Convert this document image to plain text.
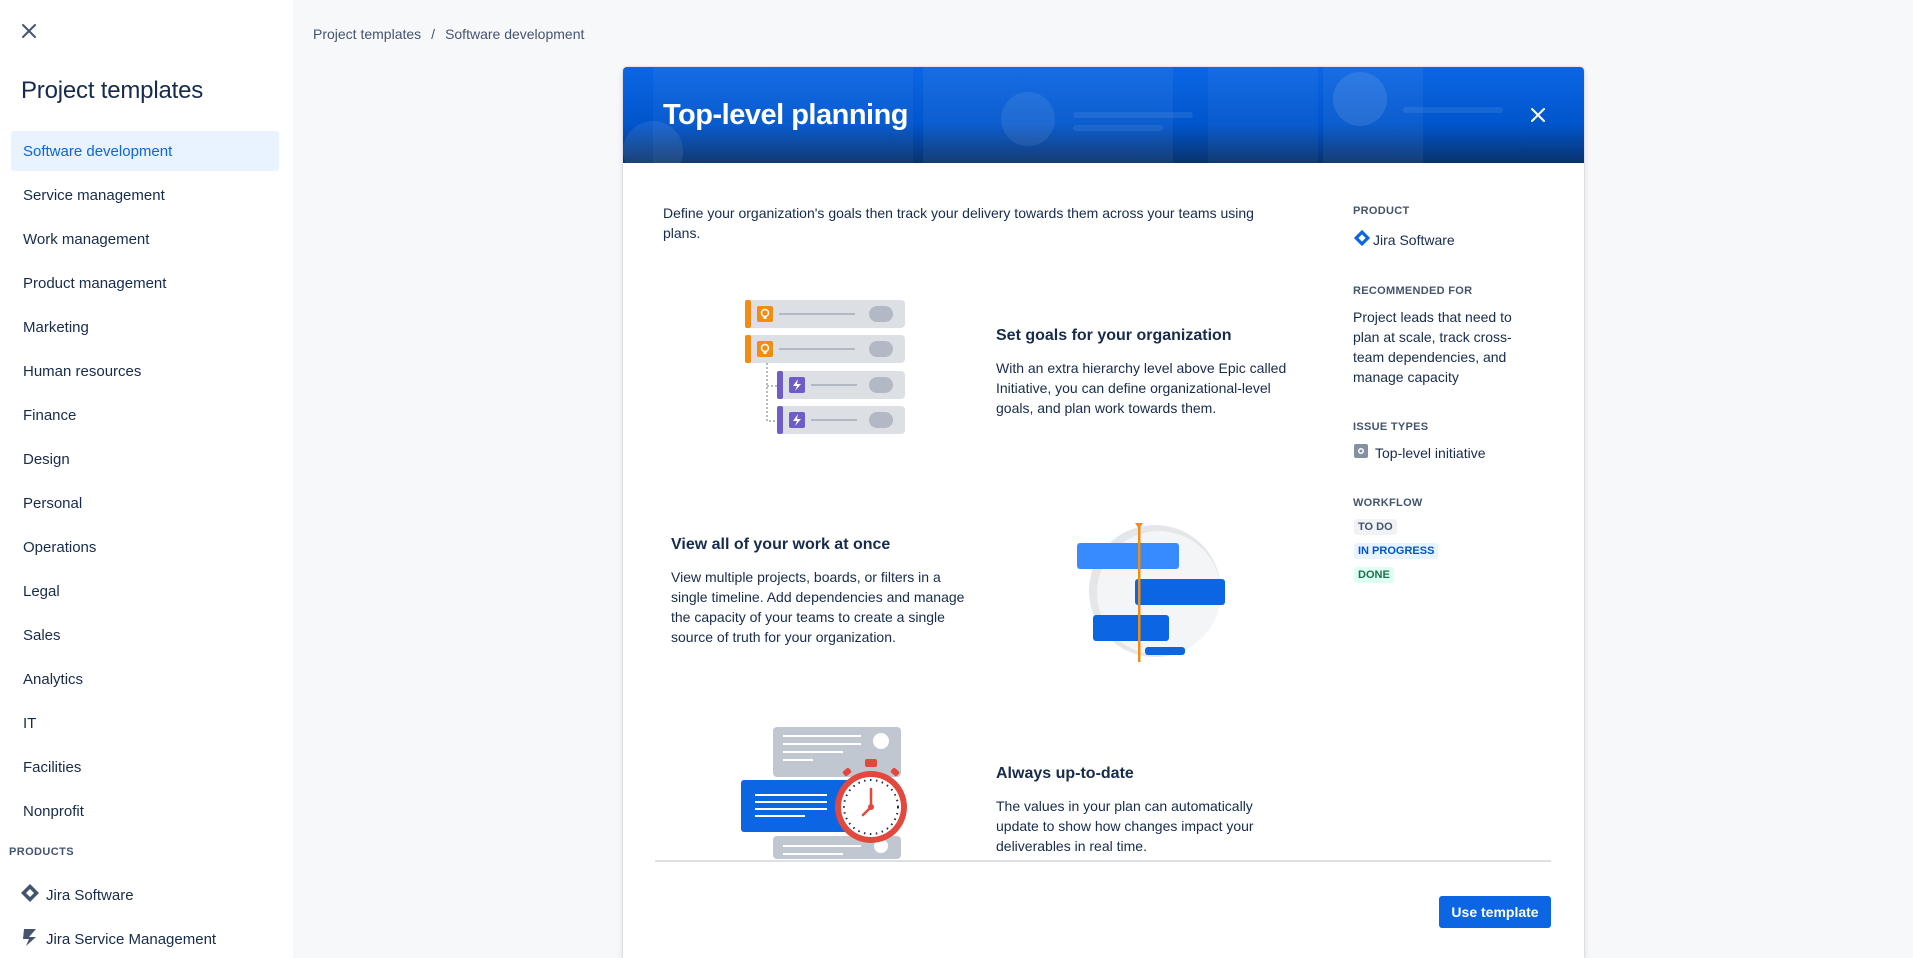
Project templates
Software development
Service management
Work management
Product management
Marketing
Human resources
Finance
Design
Personal
Operations
Legal
Sales
Analytics
IT
Facilities
Nonprofit
PRODUCTS
Jira Software
Jira Service Management
Project templates / Software development
Top-level planning
Define your organization's goals then track your delivery towards them across your teams using plans.
Set goals for your organization
With an extra hierarchy level above Epic called Initiative, you can define organizational-level goals, and plan work towards them.
View all of your work at once
View multiple projects, boards, or filters in a single timeline. Add dependencies and manage the capacity of your teams to create a single source of truth for your organization.
Always up-to-date
The values in your plan can automatically update to show how changes impact your deliverables in real time.
Use template
PRODUCT
Jira Software
RECOMMENDED FOR
Project leads that need to plan at scale, track cross-team dependencies, and manage capacity
ISSUE TYPES
Top-level initiative
WORKFLOW
TO DO
IN PROGRESS
DONE
